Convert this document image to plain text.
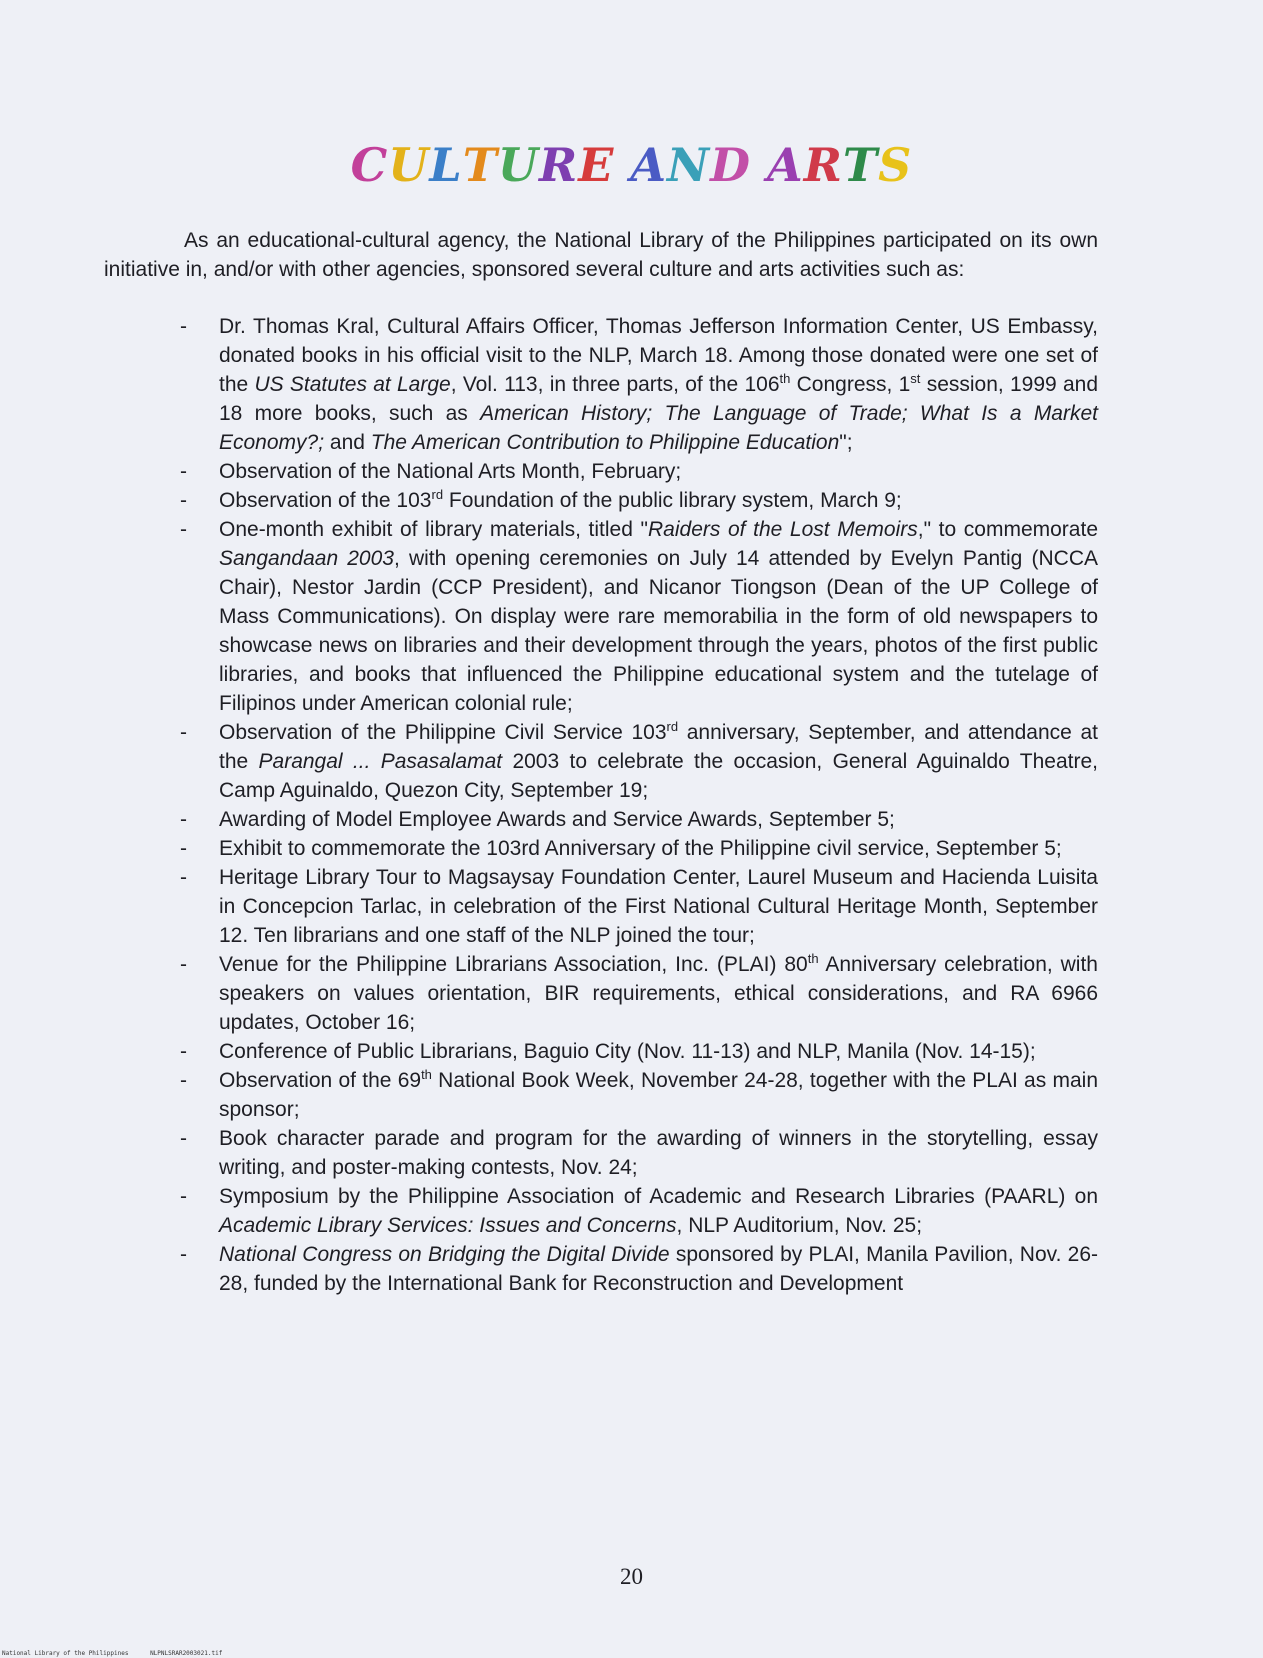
CULTURE AND ARTS

As an educational-cultural agency, the National Library of the Philippines participated on its own initiative in, and/or with other agencies, sponsored several culture and arts activities such as:

- Dr. Thomas Kral, Cultural Affairs Officer, Thomas Jefferson Information Center, US Embassy, donated books in his official visit to the NLP, March 18. Among those donated were one set of the US Statutes at Large, Vol. 113, in three parts, of the 106th Congress, 1st session, 1999 and 18 more books, such as American History; The Language of Trade; What Is a Market Economy?; and The American Contribution to Philippine Education";
- Observation of the National Arts Month, February;
- Observation of the 103rd Foundation of the public library system, March 9;
- One-month exhibit of library materials, titled "Raiders of the Lost Memoirs," to commemorate Sangandaan 2003, with opening ceremonies on July 14 attended by Evelyn Pantig (NCCA Chair), Nestor Jardin (CCP President), and Nicanor Tiongson (Dean of the UP College of Mass Communications). On display were rare memorabilia in the form of old newspapers to showcase news on libraries and their development through the years, photos of the first public libraries, and books that influenced the Philippine educational system and the tutelage of Filipinos under American colonial rule;
- Observation of the Philippine Civil Service 103rd anniversary, September, and attendance at the Parangal ... Pasasalamat 2003 to celebrate the occasion, General Aguinaldo Theatre, Camp Aguinaldo, Quezon City, September 19;
- Awarding of Model Employee Awards and Service Awards, September 5;
- Exhibit to commemorate the 103rd Anniversary of the Philippine civil service, September 5;
- Heritage Library Tour to Magsaysay Foundation Center, Laurel Museum and Hacienda Luisita in Concepcion Tarlac, in celebration of the First National Cultural Heritage Month, September 12. Ten librarians and one staff of the NLP joined the tour;
- Venue for the Philippine Librarians Association, Inc. (PLAI) 80th Anniversary celebration, with speakers on values orientation, BIR requirements, ethical considerations, and RA 6966 updates, October 16;
- Conference of Public Librarians, Baguio City (Nov. 11-13) and NLP, Manila (Nov. 14-15);
- Observation of the 69th National Book Week, November 24-28, together with the PLAI as main sponsor;
- Book character parade and program for the awarding of winners in the storytelling, essay writing, and poster-making contests, Nov. 24;
- Symposium by the Philippine Association of Academic and Research Libraries (PAARL) on Academic Library Services: Issues and Concerns, NLP Auditorium, Nov. 25;
- National Congress on Bridging the Digital Divide sponsored by PLAI, Manila Pavilion, Nov. 26-28, funded by the International Bank for Reconstruction and Development
20
National Library of the Philippines	NLPNLSRAR2003021.tif
